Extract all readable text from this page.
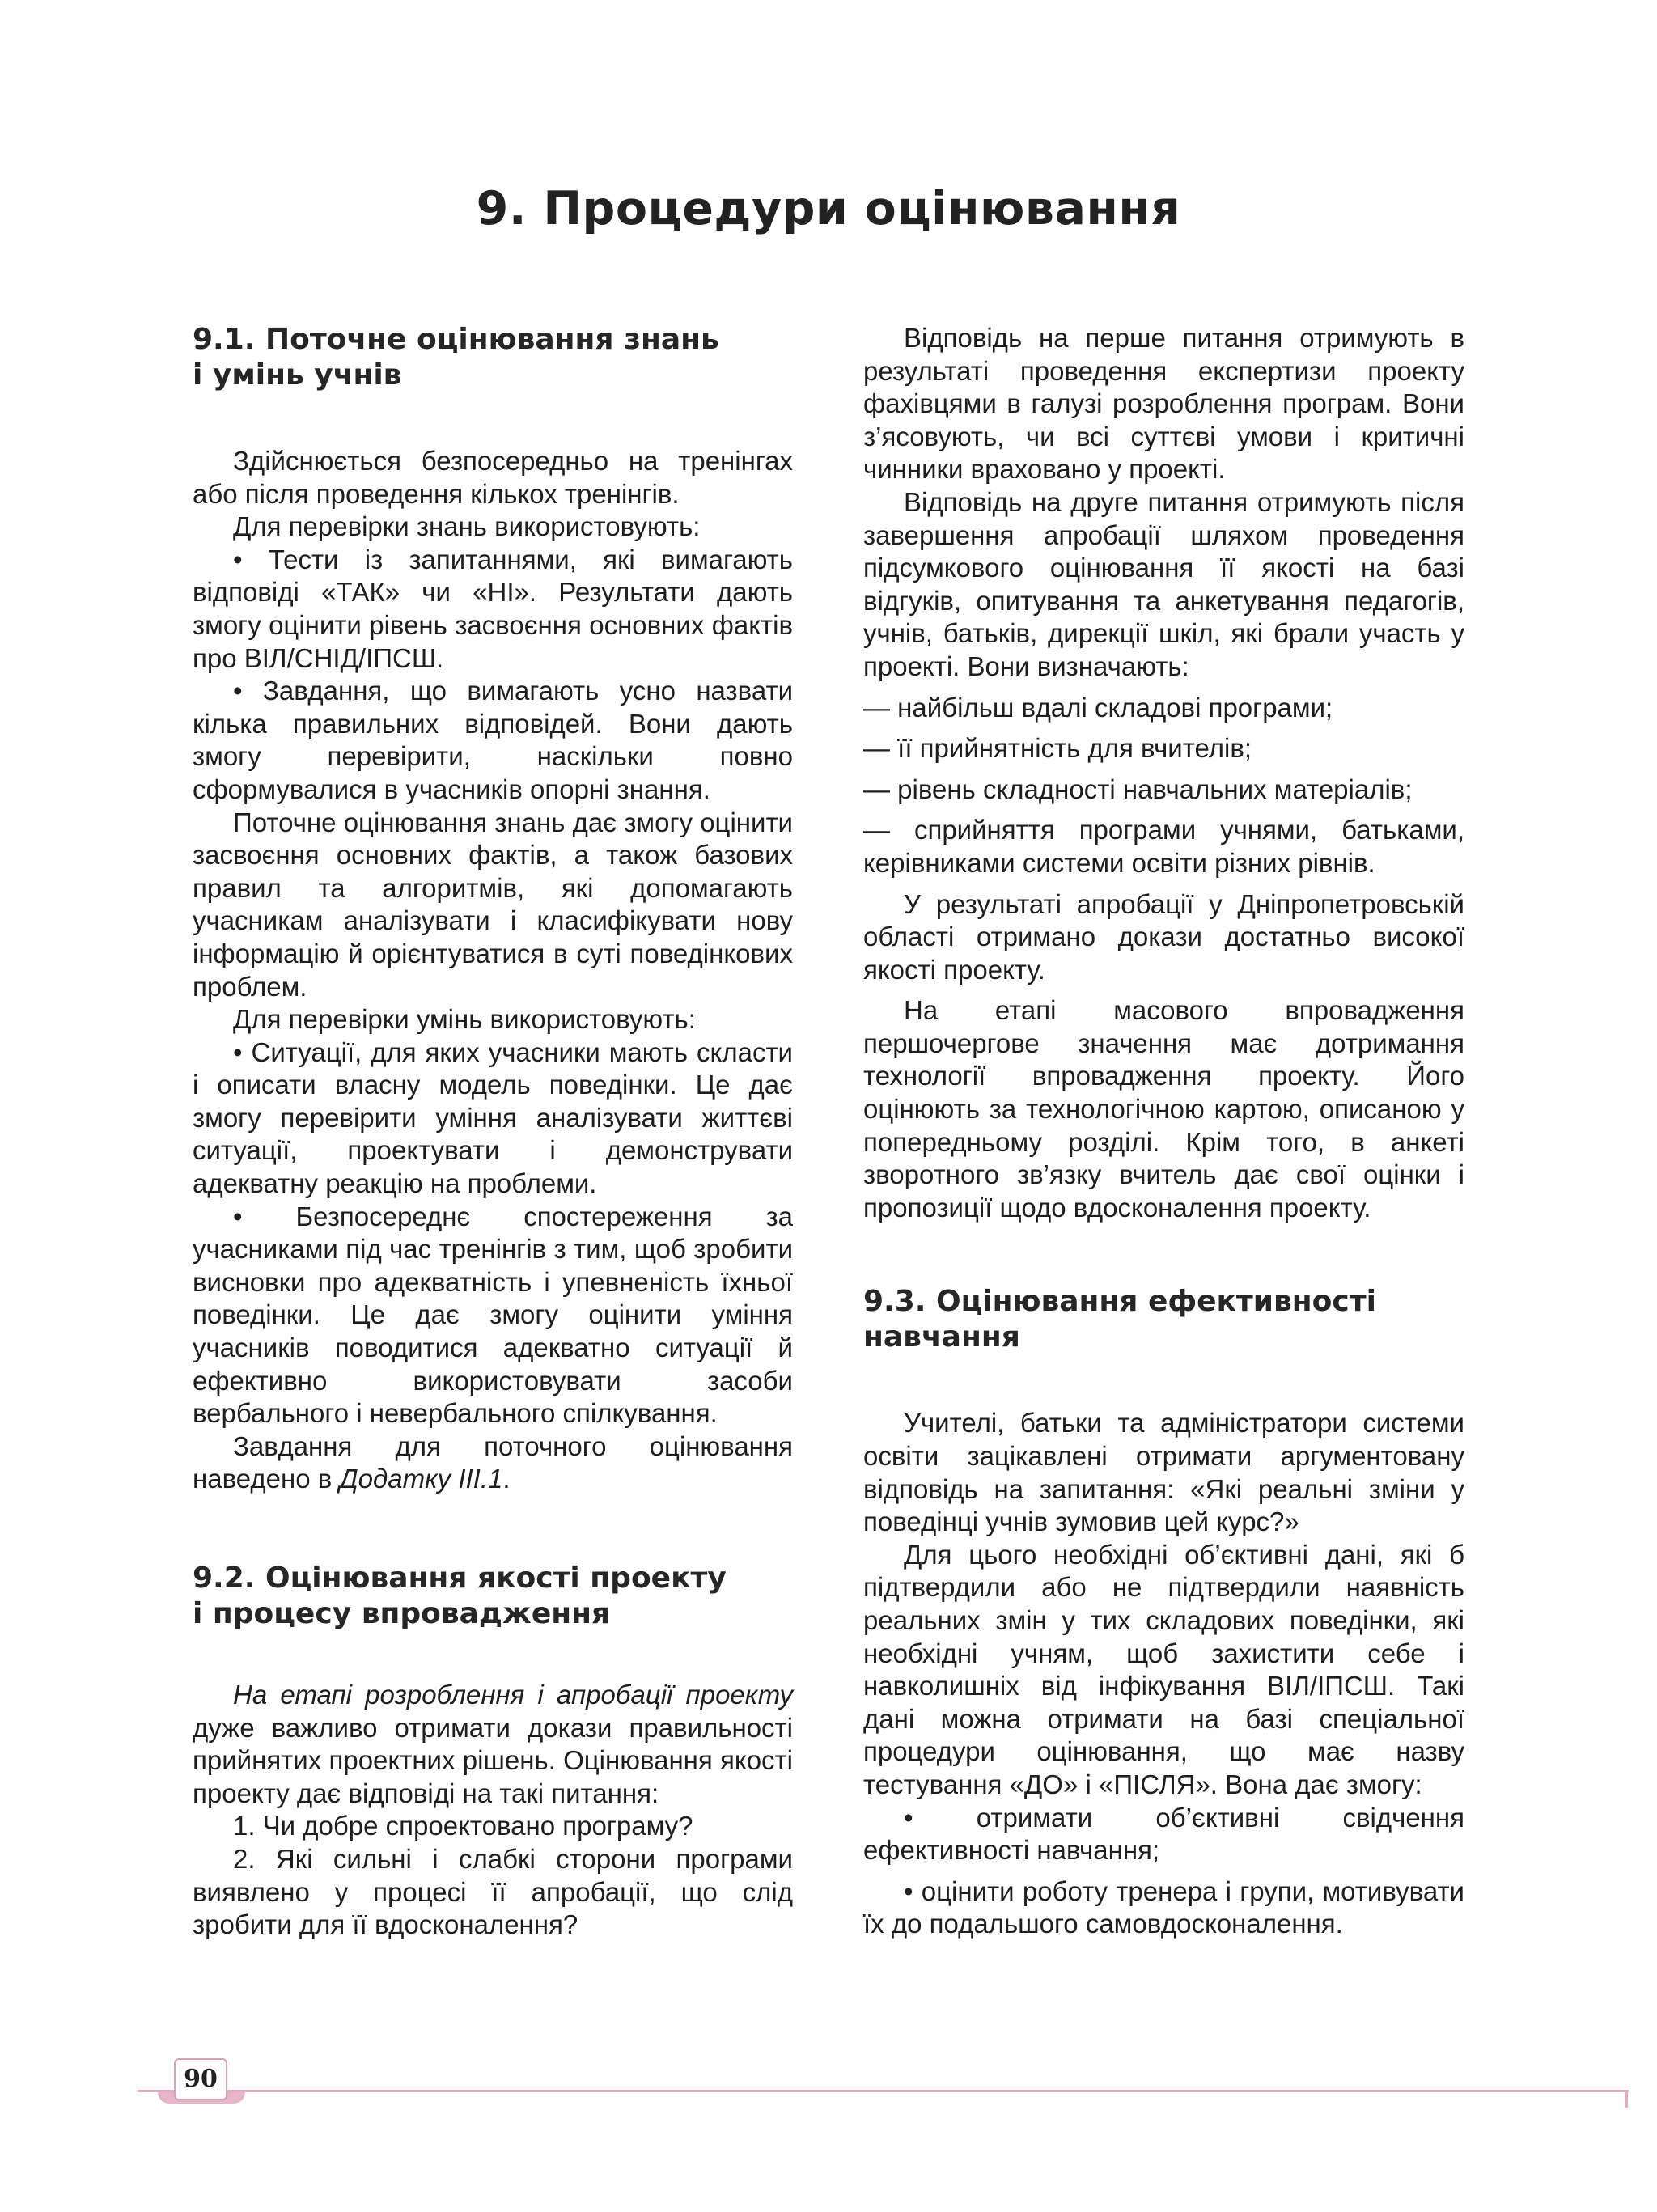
9. Процедури оцінювання
9.1. Поточне оцінювання знань
і умінь учнів

Здійснюється безпосередньо на тренінгах або після проведення кількох тренінгів.

Для перевірки знань використовують:

• Тести із запитаннями, які вимагають відповіді «ТАК» чи «НІ». Результати дають змогу оцінити рівень засвоєння основних фактів про ВІЛ/СНІД/ІПСШ.

• Завдання, що вимагають усно назвати кілька правильних відповідей. Вони дають змогу перевірити, наскільки повно сформувалися в учасників опорні знання.

Поточне оцінювання знань дає змогу оцінити засвоєння основних фактів, а також базових правил та алгоритмів, які допомагають учасникам аналізувати і класифікувати нову інформацію й орієнтуватися в суті поведінкових проблем.

Для перевірки умінь використовують:

• Ситуації, для яких учасники мають скласти і описати власну модель поведінки. Це дає змогу перевірити уміння аналізувати життєві ситуації, проектувати і демонструвати адекватну реакцію на проблеми.

• Безпосереднє спостереження за учасниками під час тренінгів з тим, щоб зробити висновки про адекватність і упевненість їхньої поведінки. Це дає змогу оцінити уміння учасників поводитися адекватно ситуації й ефективно використовувати засоби вербального і невербального спілкування.

Завдання для поточного оцінювання наведено в Додатку ІІІ.1.

9.2. Оцінювання якості проекту
і процесу впровадження

На етапі розроблення і апробації проекту дуже важливо отримати докази правильності прийнятих проектних рішень. Оцінювання якості проекту дає відповіді на такі питання:

1. Чи добре спроектовано програму?

2. Які сильні і слабкі сторони програми виявлено у процесі її апробації, що слід зробити для її вдосконалення?

Відповідь на перше питання отримують в результаті проведення експертизи проекту фахівцями в галузі розроблення програм. Вони з’ясовують, чи всі суттєві умови і критичні чинники враховано у проекті.

Відповідь на друге питання отримують після завершення апробації шляхом проведення підсумкового оцінювання її якості на базі відгуків, опитування та анкетування педагогів, учнів, батьків, дирекції шкіл, які брали участь у проекті. Вони визначають:

— найбільш вдалі складові програми;

— її прийнятність для вчителів;

— рівень складності навчальних матеріалів;

— сприйняття програми учнями, батьками, керівниками системи освіти різних рівнів.

У результаті апробації у Дніпропетровській області отримано докази достатньо високої якості проекту.

На етапі масового впровадження першочергове значення має дотримання технології впровадження проекту. Його оцінюють за технологічною картою, описаною у попередньому розділі. Крім того, в анкеті зворотного зв’язку вчитель дає свої оцінки і пропозиції щодо вдосконалення проекту.

9.3. Оцінювання ефективності
навчання

Учителі, батьки та адміністратори системи освіти зацікавлені отримати аргументовану відповідь на запитання: «Які реальні зміни у поведінці учнів зумовив цей курс?»

Для цього необхідні об’єктивні дані, які б підтвердили або не підтвердили наявність реальних змін у тих складових поведінки, які необхідні учням, щоб захистити себе і навколишніх від інфікування ВІЛ/ІПСШ. Такі дані можна отримати на базі спеціальної процедури оцінювання, що має назву тестування «ДО» і «ПІСЛЯ». Вона дає змогу:

• отримати об’єктивні свідчення ефективності навчання;

• оцінити роботу тренера і групи, мотивувати їх до подальшого самовдосконалення.

90
